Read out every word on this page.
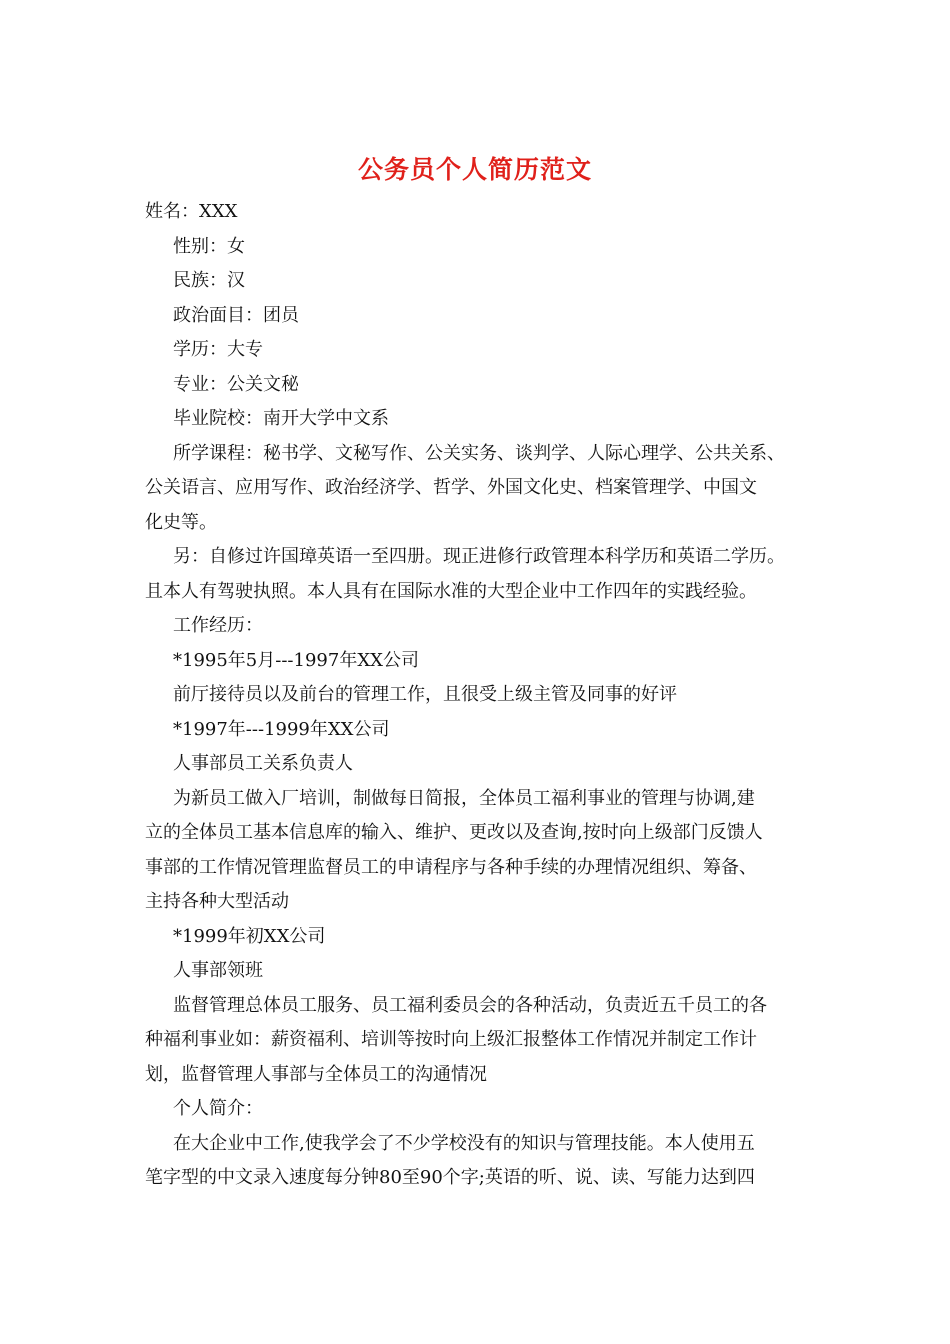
公务员个人简历范文

姓名：XXX

性别：女

民族：汉

政治面目：团员

学历：大专

专业：公关文秘

毕业院校：南开大学中文系

所学课程：秘书学、文秘写作、公关实务、谈判学、人际心理学、公共关系、

公关语言、应用写作、政治经济学、哲学、外国文化史、档案管理学、中国文

化史等。

另：自修过许国璋英语一至四册。现正进修行政管理本科学历和英语二学历。

且本人有驾驶执照。本人具有在国际水准的大型企业中工作四年的实践经验。

工作经历：

*1995年5月---1997年XX公司

前厅接待员以及前台的管理工作，且很受上级主管及同事的好评

*1997年---1999年XX公司

人事部员工关系负责人

为新员工做入厂培训，制做每日简报，全体员工福利事业的管理与协调,建

立的全体员工基本信息库的输入、维护、更改以及查询,按时向上级部门反馈人

事部的工作情况管理监督员工的申请程序与各种手续的办理情况组织、筹备、

主持各种大型活动

*1999年初XX公司

人事部领班

监督管理总体员工服务、员工福利委员会的各种活动，负责近五千员工的各

种福利事业如：薪资福利、培训等按时向上级汇报整体工作情况并制定工作计

划，监督管理人事部与全体员工的沟通情况

个人简介：

在大企业中工作,使我学会了不少学校没有的知识与管理技能。本人使用五

笔字型的中文录入速度每分钟80至90个字;英语的听、说、读、写能力达到四
